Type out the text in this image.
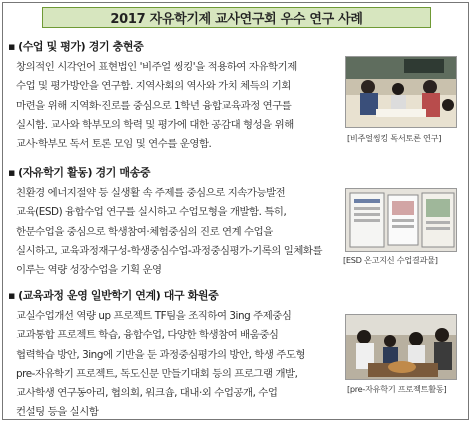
2017 자유학기제 교사연구회 우수 연구 사례
▪ (수업 및 평가) 경기 충현중
창의적인 시각언어 표현법인 '비주얼 씽킹'을 적용하여 자유학기제
수업 및 평가방안을 연구함. 지역사회의 역사와 가치 체득의 기회
마련을 위해 지역화·진로를 중심으로 1학년 융합교육과정 연구를
실시함. 교사와 학부모의 학력 및 평가에 대한 공감대 형성을 위해
교사·학부모 독서 토론 모임 및 연수를 운영함.
[비주얼씽킹 독서토론 연구]
▪ (자유학기 활동) 경기 매송중
친환경 에너지절약 등 실생활 속 주제를 중심으로 지속가능발전
교육(ESD) 융합수업 연구를 실시하고 수업모형을 개발함. 특히,
한문수업을 중심으로 학생참여·체험중심의 진로 연계 수업을
실시하고, 교육과정재구성-학생중심수업-과정중심평가-기록의 일체화를
이루는 역량 성장수업을 기획 운영
[ESD 온고지신 수업결과물]
▪ (교육과정 운영 일반학기 연계) 대구 화원중
교실수업개선 역량 up 프로젝트 TF팀을 조직하여 3ing 주제중심
교과통합 프로젝트 학습, 융합수업, 다양한 학생참여 배움중심
협력학습 방안, 3ing에 기반을 둔 과정중심평가의 방안, 학생 주도형
pre-자유학기 프로젝트, 독도신문 만들기대회 등의 프로그램 개발,
교사학생 연구동아리, 협의회, 워크숍, 대내·외 수업공개, 수업
컨설팅 등을 실시함
[pre-자유학기 프로젝트활동]
